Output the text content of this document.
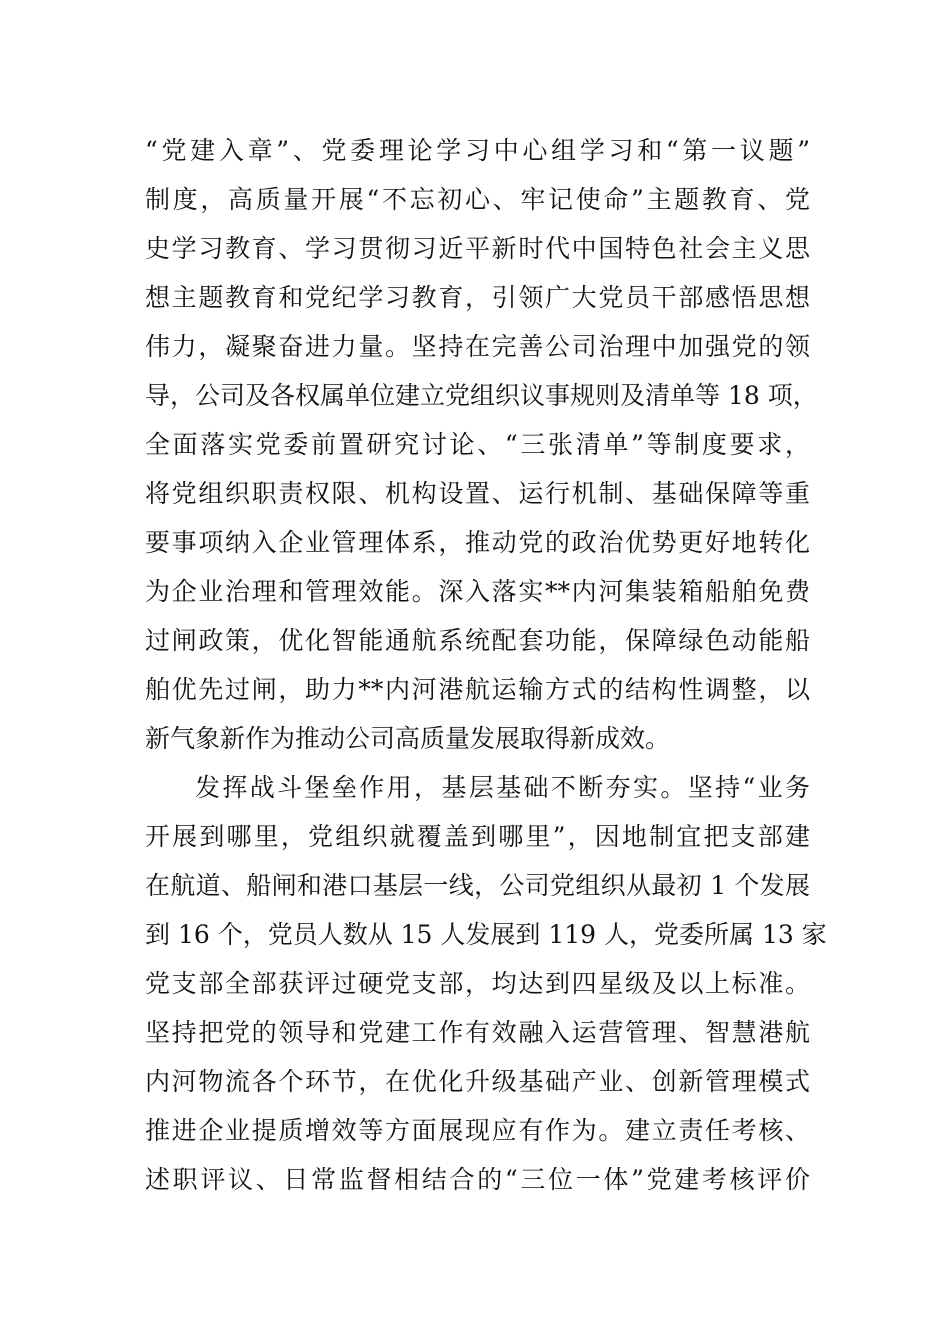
“党建入章”、党委理论学习中心组学习和“第一议题”
制度，高质量开展“不忘初心、牢记使命”主题教育、党
史学习教育、学习贯彻习近平新时代中国特色社会主义思
想主题教育和党纪学习教育，引领广大党员干部感悟思想
伟力，凝聚奋进力量。坚持在完善公司治理中加强党的领
导，公司及各权属单位建立党组织议事规则及清单等 18 项，
全面落实党委前置研究讨论、“三张清单”等制度要求，
将党组织职责权限、机构设置、运行机制、基础保障等重
要事项纳入企业管理体系，推动党的政治优势更好地转化
为企业治理和管理效能。深入落实**内河集装箱船舶免费
过闸政策，优化智能通航系统配套功能，保障绿色动能船
舶优先过闸，助力**内河港航运输方式的结构性调整，以
新气象新作为推动公司高质量发展取得新成效。
发挥战斗堡垒作用，基层基础不断夯实。坚持“业务
开展到哪里，党组织就覆盖到哪里”，因地制宜把支部建
在航道、船闸和港口基层一线，公司党组织从最初 1 个发展
到 16 个，党员人数从 15 人发展到 119 人，党委所属 13 家
党支部全部获评过硬党支部，均达到四星级及以上标准。
坚持把党的领导和党建工作有效融入运营管理、智慧港航
内河物流各个环节，在优化升级基础产业、创新管理模式
推进企业提质增效等方面展现应有作为。建立责任考核、
述职评议、日常监督相结合的“三位一体”党建考核评价
